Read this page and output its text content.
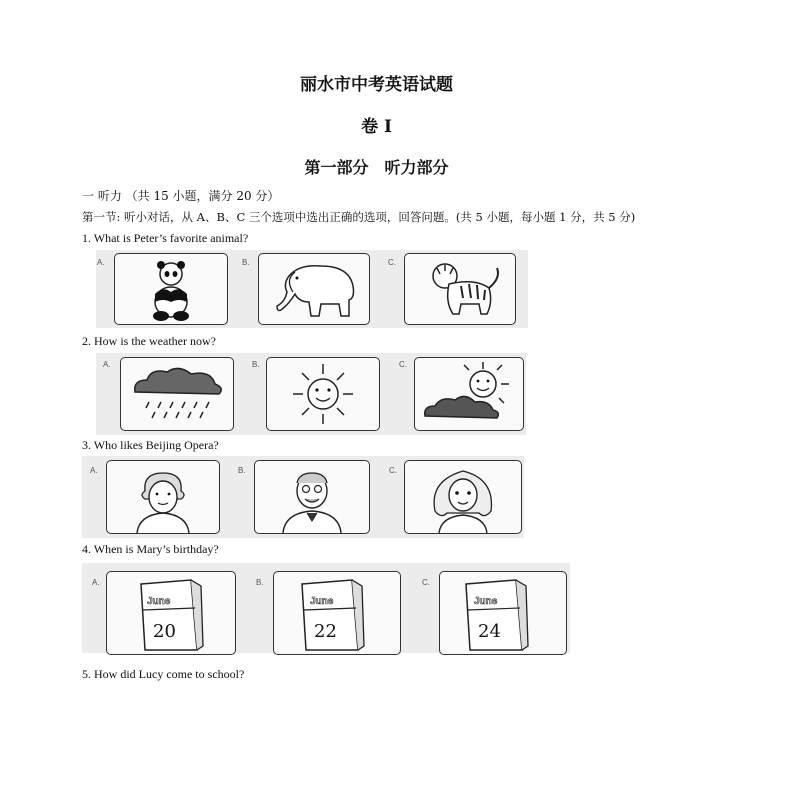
丽水市中考英语试题
卷 I
第一部分　听力部分
一 听力 （共 15 小题，满分 20 分）
第一节: 听小对话，从 A、B、C 三个选项中选出正确的选项，回答问题。(共 5 小题，每小题 1 分，共 5 分)
1. What is Peter’s favorite animal?
A.	B.	C.
2. How is the weather now?
A.	B.	C.
3. Who likes Beijing Opera?
A.	B.	C.
4. When is Mary’s birthday?
A.
June
20
B.
June
22
C.
June
24
5. How did Lucy come to school?
